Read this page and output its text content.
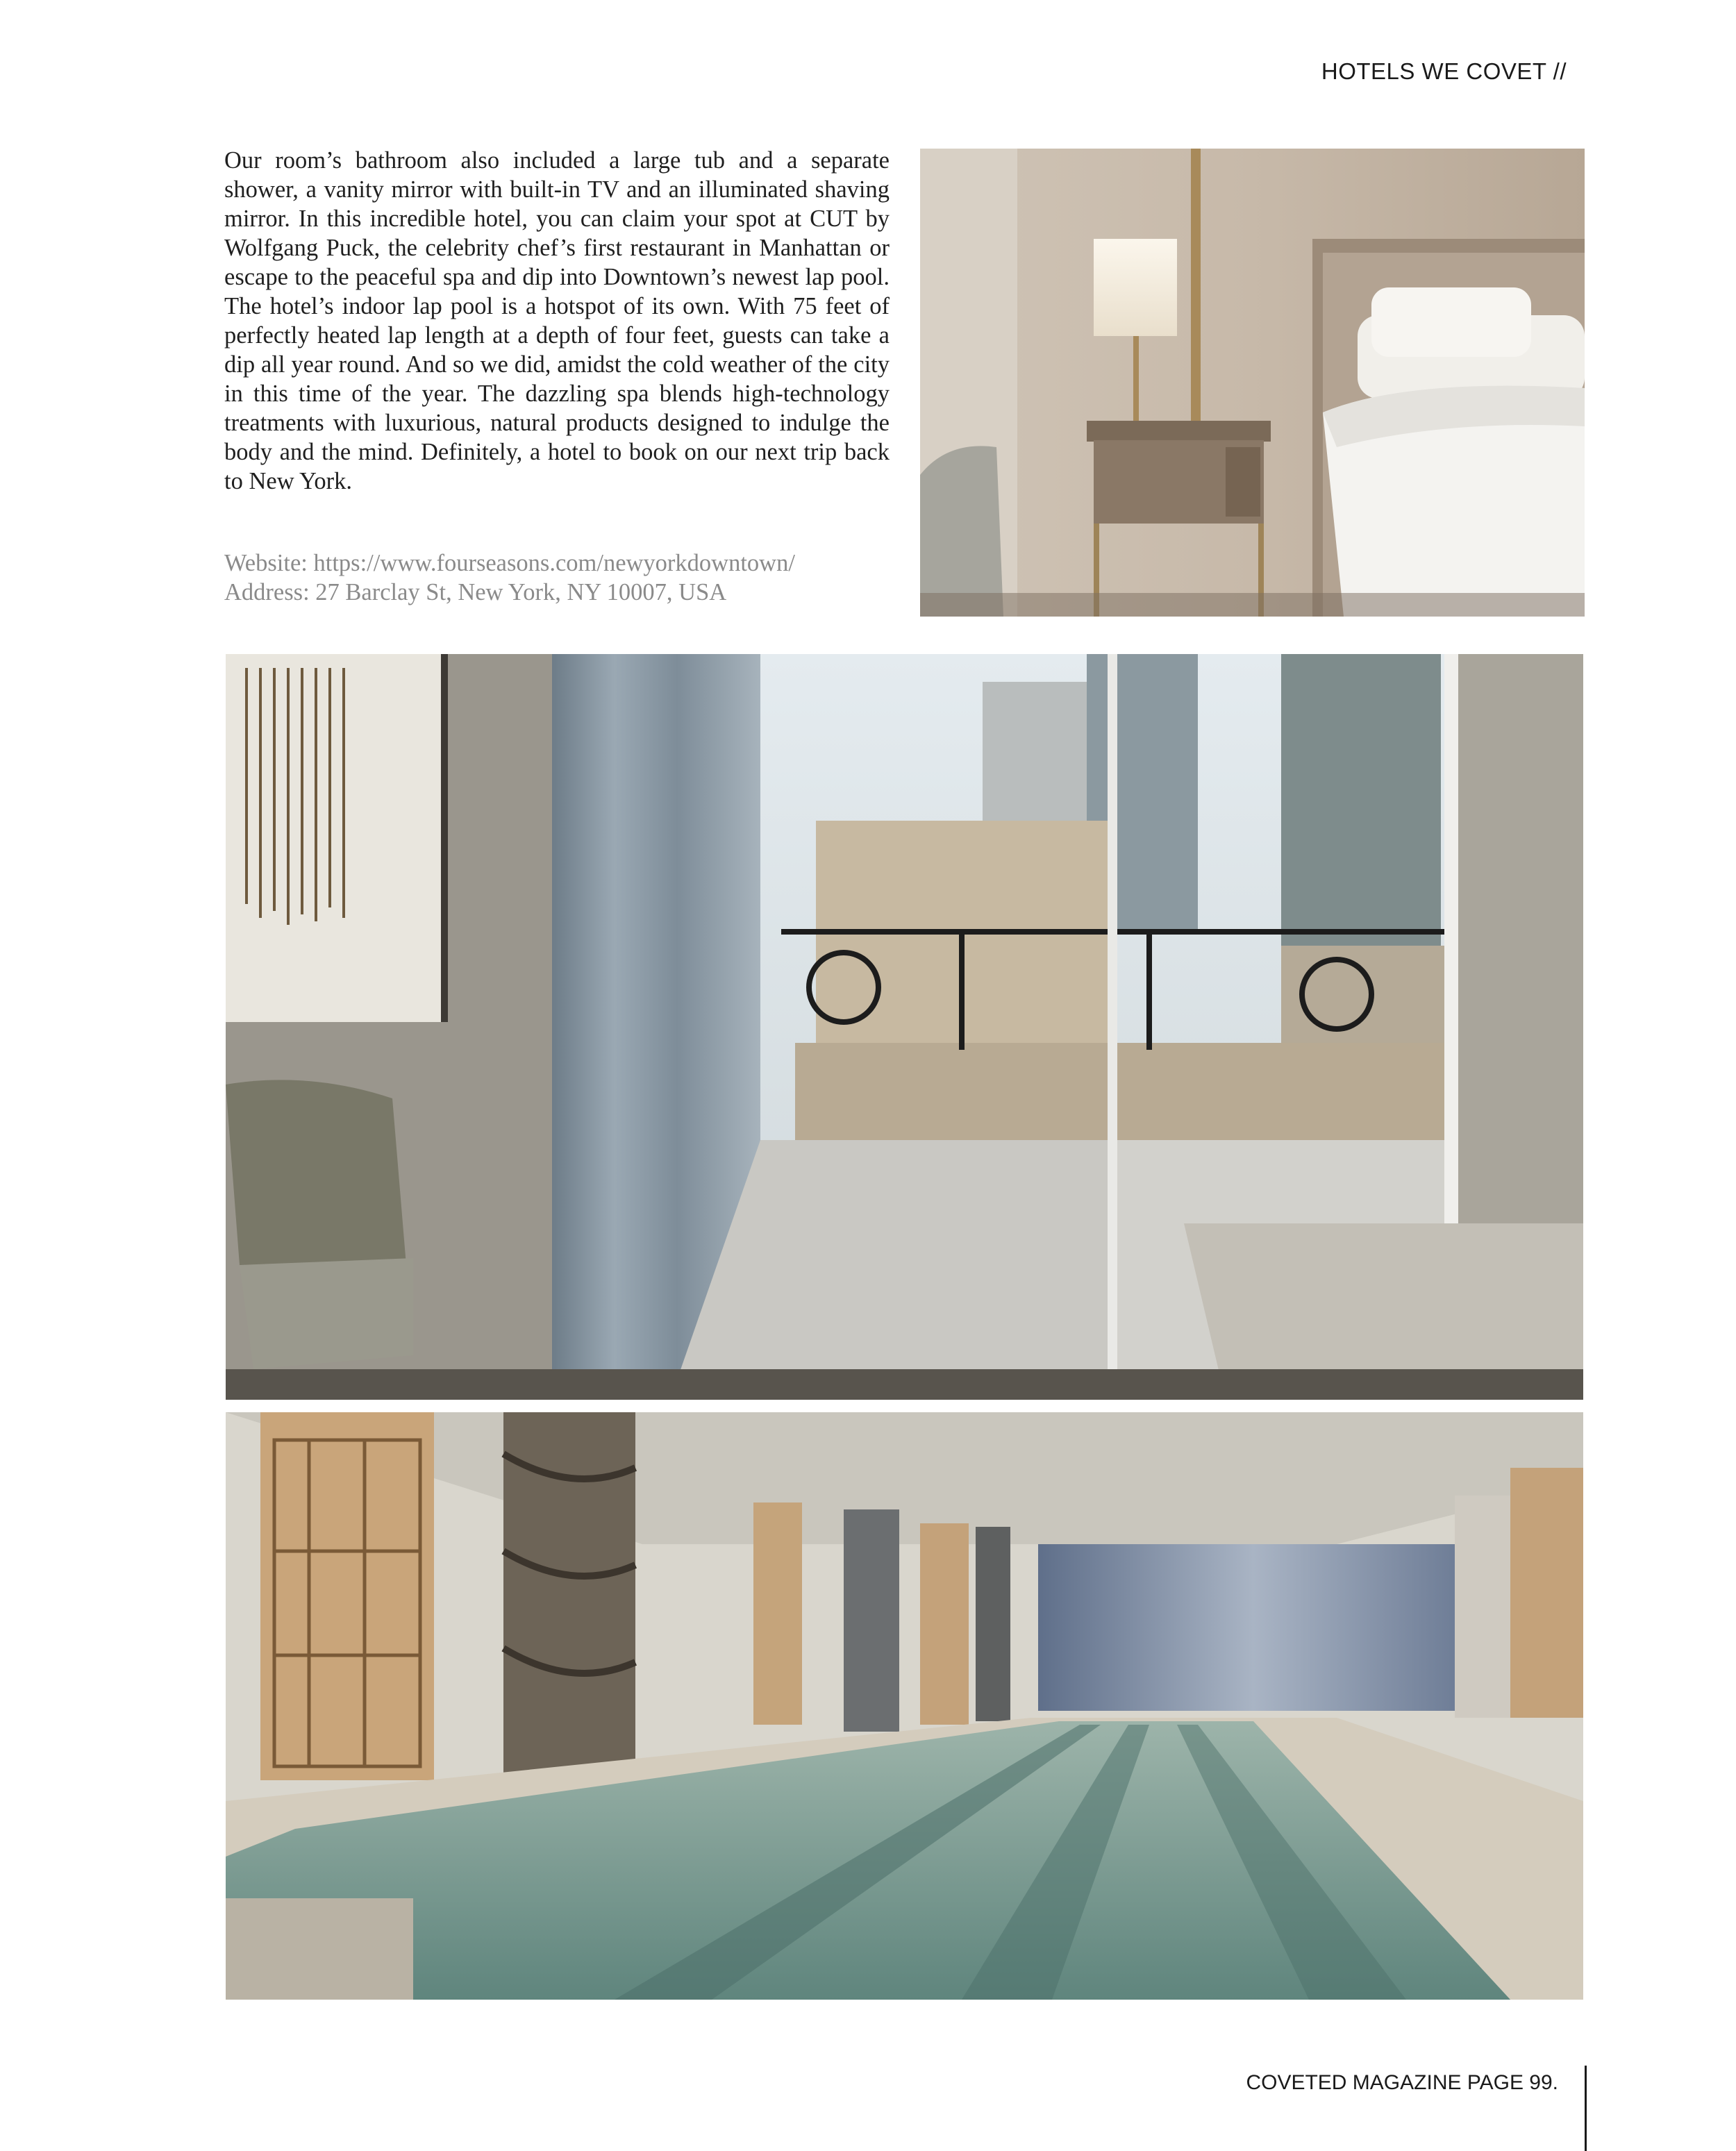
HOTELS WE COVET //

Our room’s bathroom also included a large tub and a separate shower, a vanity mirror with built-in TV and an illuminated shaving mirror. In this incredible hotel, you can claim your spot at CUT by Wolfgang Puck, the celebrity chef’s first restaurant in Manhattan or escape to the peaceful spa and dip into Downtown’s newest lap pool. The hotel’s indoor lap pool is a hotspot of its own. With 75 feet of perfectly heated lap length at a depth of four feet, guests can take a dip all year round. And so we did, amidst the cold weather of the city in this time of the year. The dazzling spa blends high-technology treatments with luxurious, natural products designed to indulge the body and the mind. Definitely, a hotel to book on our next trip back to New York.

Website: https://www.fourseasons.com/newyorkdowntown/
Address: 27 Barclay St, New York, NY 10007, USA
COVETED MAGAZINE PAGE 99.
